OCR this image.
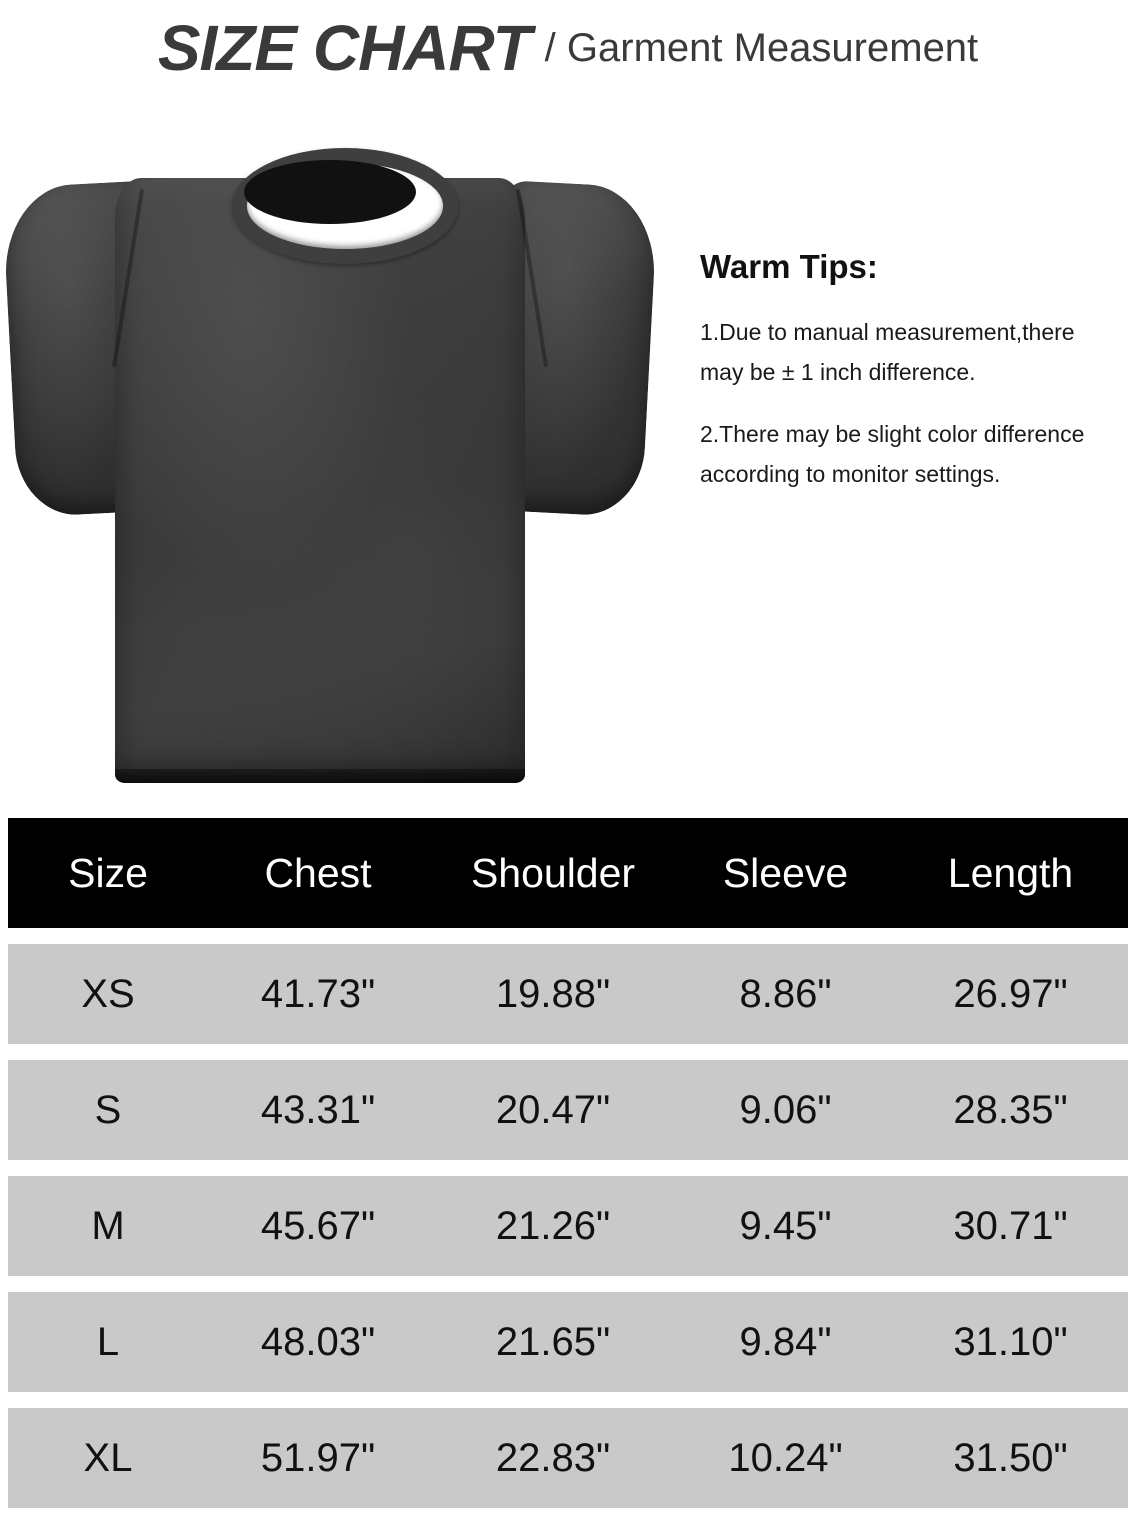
SIZE CHART / Garment Measurement
Warm Tips:

1.Due to manual measurement,there may be ± 1 inch difference.

2.There may be slight color difference according to monitor settings.

Size	Chest	Shoulder	Sleeve	Length
XS	41.73"	19.88"	8.86"	26.97"
S	43.31"	20.47"	9.06"	28.35"
M	45.67"	21.26"	9.45"	30.71"
L	48.03"	21.65"	9.84"	31.10"
XL	51.97"	22.83"	10.24"	31.50"
